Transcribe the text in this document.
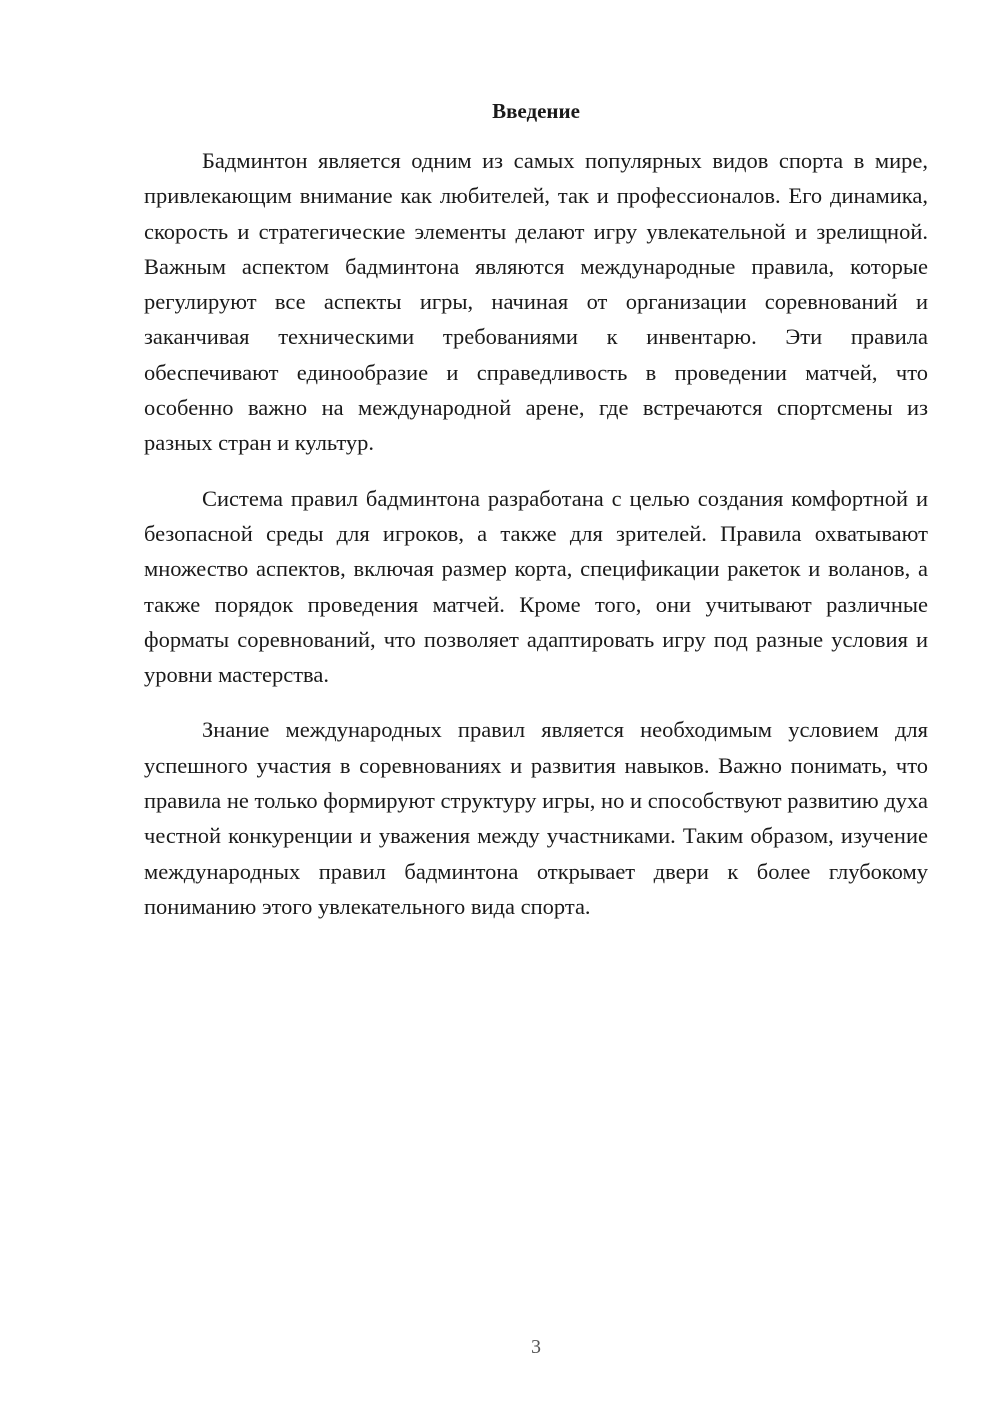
Введение

Бадминтон является одним из самых популярных видов спорта в мире, привлекающим внимание как любителей, так и профессионалов. Его динамика, скорость и стратегические элементы делают игру увлекательной и зрелищной. Важным аспектом бадминтона являются международные правила, которые регулируют все аспекты игры, начиная от организации соревнований и заканчивая техническими требованиями к инвентарю. Эти правила обеспечивают единообразие и справедливость в проведении матчей, что особенно важно на международной арене, где встречаются спортсмены из разных стран и культур.

Система правил бадминтона разработана с целью создания комфортной и безопасной среды для игроков, а также для зрителей. Правила охватывают множество аспектов, включая размер корта, спецификации ракеток и воланов, а также порядок проведения матчей. Кроме того, они учитывают различные форматы соревнований, что позволяет адаптировать игру под разные условия и уровни мастерства.

Знание международных правил является необходимым условием для успешного участия в соревнованиях и развития навыков. Важно понимать, что правила не только формируют структуру игры, но и способствуют развитию духа честной конкуренции и уважения между участниками. Таким образом, изучение международных правил бадминтона открывает двери к более глубокому пониманию этого увлекательного вида спорта.

3
